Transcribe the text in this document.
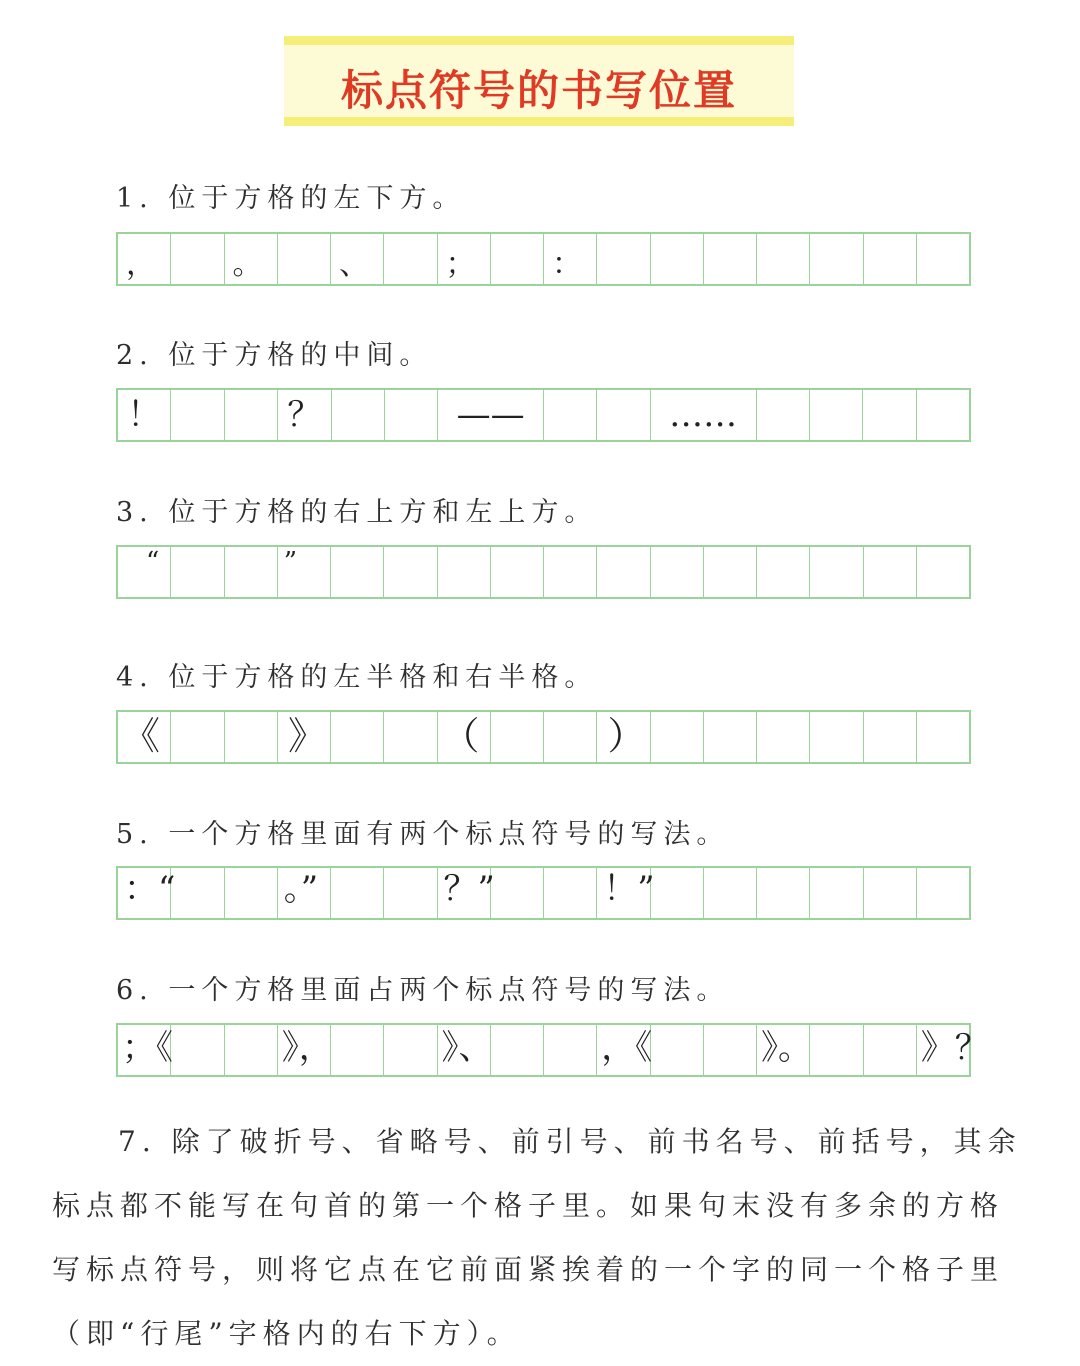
标点符号的书写位置
1. 位于方格的左下方。
，	。	、	；	：
2. 位于方格的中间。
！	？	——	……
3. 位于方格的右上方和左上方。
“	”
4. 位于方格的左半格和右半格。
《	》	（	）
5. 一个方格里面有两个标点符号的写法。
：“	。”	？”	！”
6. 一个方格里面占两个标点符号的写法。
；《	》，	》、	，《	》。	》？
7. 除了破折号、省略号、前引号、前书名号、前括号，其余标点都不能写在句首的第一个格子里。如果句末没有多余的方格写标点符号，则将它点在它前面紧挨着的一个字的同一个格子里（即“行尾”字格内的右下方）。
